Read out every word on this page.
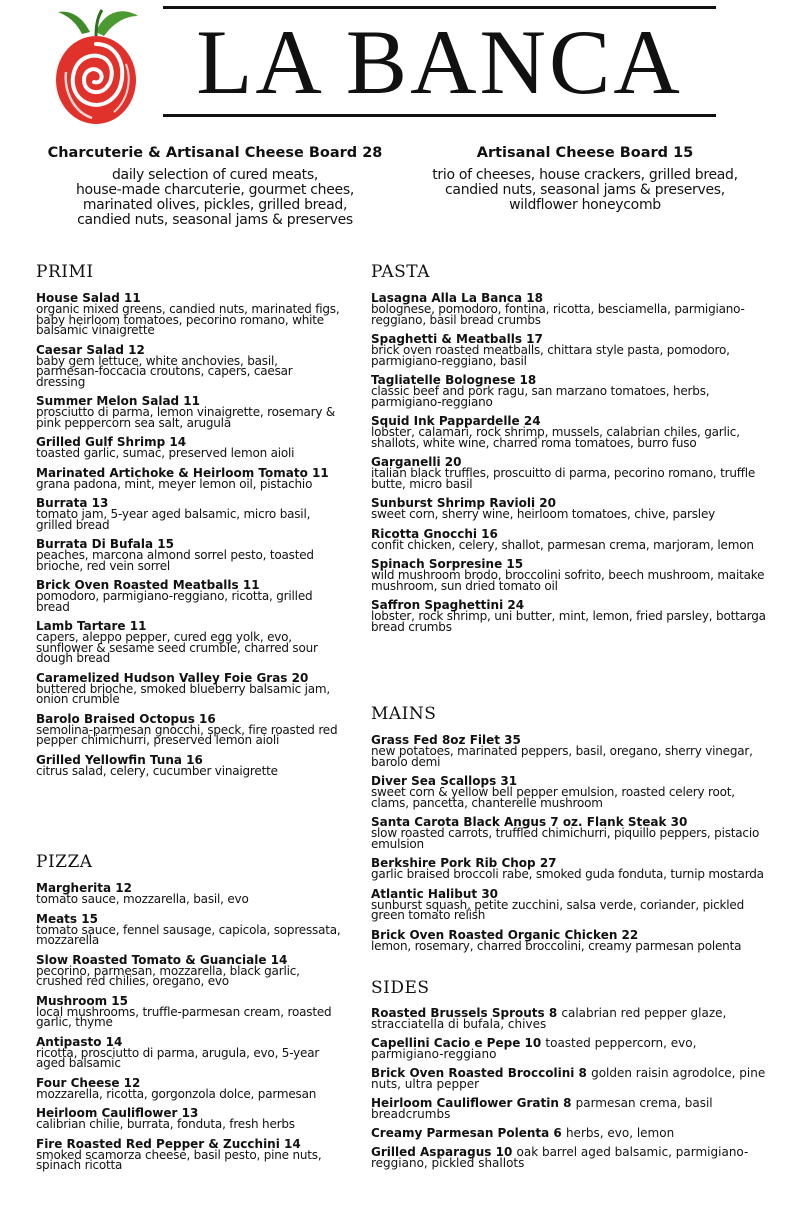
LA BANCA
Charcuterie & Artisanal Cheese Board 28
daily selection of cured meats,
house-made charcuterie, gourmet chees,
marinated olives, pickles, grilled bread,
candied nuts, seasonal jams & preserves
Artisanal Cheese Board 15
trio of cheeses, house crackers, grilled bread,
candied nuts, seasonal jams & preserves,
wildflower honeycomb
PRIMI
House Salad 11
organic mixed greens, candied nuts, marinated figs, baby heirloom tomatoes, pecorino romano, white balsamic vinaigrette
Caesar Salad 12
baby gem lettuce, white anchovies, basil, parmesan-foccacia croutons, capers, caesar dressing
Summer Melon Salad 11
prosciutto di parma, lemon vinaigrette, rosemary & pink peppercorn sea salt, arugula
Grilled Gulf Shrimp 14
toasted garlic, sumac, preserved lemon aioli
Marinated Artichoke & Heirloom Tomato 11
grana padona, mint, meyer lemon oil, pistachio
Burrata 13
tomato jam, 5-year aged balsamic, micro basil, grilled bread
Burrata Di Bufala 15
peaches, marcona almond sorrel pesto, toasted brioche, red vein sorrel
Brick Oven Roasted Meatballs 11
pomodoro, parmigiano-reggiano, ricotta, grilled bread
Lamb Tartare 11
capers, aleppo pepper, cured egg yolk, evo, sunflower & sesame seed crumble, charred sour dough bread
Caramelized Hudson Valley Foie Gras 20
buttered brioche, smoked blueberry balsamic jam, onion crumble
Barolo Braised Octopus 16
semolina-parmesan gnocchi, speck, fire roasted red pepper chimichurri, preserved lemon aioli
Grilled Yellowfin Tuna 16
citrus salad, celery, cucumber vinaigrette
PIZZA
Margherita 12
tomato sauce, mozzarella, basil, evo
Meats 15
tomato sauce, fennel sausage, capicola, sopressata, mozzarella
Slow Roasted Tomato & Guanciale 14
pecorino, parmesan, mozzarella, black garlic, crushed red chilies, oregano, evo
Mushroom 15
local mushrooms, truffle-parmesan cream, roasted garlic, thyme
Antipasto 14
ricotta, prosciutto di parma, arugula, evo, 5-year aged balsamic
Four Cheese 12
mozzarella, ricotta, gorgonzola dolce, parmesan
Heirloom Cauliflower 13
calibrian chilie, burrata, fonduta, fresh herbs
Fire Roasted Red Pepper & Zucchini 14
smoked scamorza cheese, basil pesto, pine nuts, spinach ricotta
PASTA
Lasagna Alla La Banca 18
bolognese, pomodoro, fontina, ricotta, besciamella, parmigiano-reggiano, basil bread crumbs
Spaghetti & Meatballs 17
brick oven roasted meatballs, chittara style pasta, pomodoro, parmigiano-reggiano, basil
Tagliatelle Bolognese 18
classic beef and pork ragu, san marzano tomatoes, herbs, parmigiano-reggiano
Squid Ink Pappardelle 24
lobster, calamari, rock shrimp, mussels, calabrian chiles, garlic, shallots, white wine, charred roma tomatoes, burro fuso
Garganelli 20
italian black truffles, proscuitto di parma, pecorino romano, truffle butte, micro basil
Sunburst Shrimp Ravioli 20
sweet corn, sherry wine, heirloom tomatoes, chive, parsley
Ricotta Gnocchi 16
confit chicken, celery, shallot, parmesan crema, marjoram, lemon
Spinach Sorpresine 15
wild mushroom brodo, broccolini sofrito, beech mushroom, maitake mushroom, sun dried tomato oil
Saffron Spaghettini 24
lobster, rock shrimp, uni butter, mint, lemon, fried parsley, bottarga bread crumbs
MAINS
Grass Fed 8oz Filet 35
new potatoes, marinated peppers, basil, oregano, sherry vinegar, barolo demi
Diver Sea Scallops 31
sweet corn & yellow bell pepper emulsion, roasted celery root, clams, pancetta, chanterelle mushroom
Santa Carota Black Angus 7 oz. Flank Steak 30
slow roasted carrots, truffled chimichurri, piquillo peppers, pistacio emulsion
Berkshire Pork Rib Chop 27
garlic braised broccoli rabe, smoked guda fonduta, turnip mostarda
Atlantic Halibut 30
sunburst squash, petite zucchini, salsa verde, coriander, pickled green tomato relish
Brick Oven Roasted Organic Chicken 22
lemon, rosemary, charred broccolini, creamy parmesan polenta
SIDES
Roasted Brussels Sprouts 8 calabrian red pepper glaze, stracciatella di bufala, chives
Capellini Cacio e Pepe 10 toasted peppercorn, evo, parmigiano-reggiano
Brick Oven Roasted Broccolini 8 golden raisin agrodolce, pine nuts, ultra pepper
Heirloom Cauliflower Gratin 8 parmesan crema, basil breadcrumbs
Creamy Parmesan Polenta 6 herbs, evo, lemon
Grilled Asparagus 10 oak barrel aged balsamic, parmigiano-reggiano, pickled shallots
